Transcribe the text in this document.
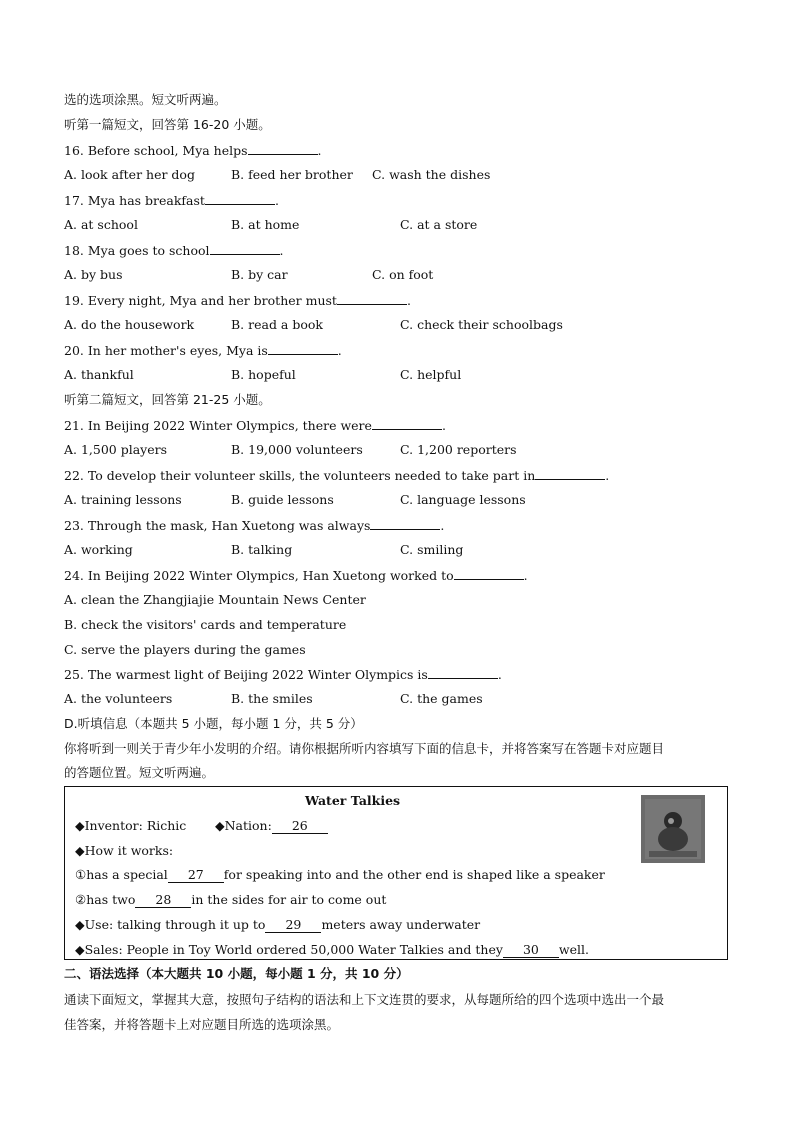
选的选项涂黑。短文听两遍。
听第一篇短文，回答第 16-20 小题。
16. Before school, Mya helps	.
A. look after her dog	B. feed her brother C. wash the dishes
17. Mya has breakfast	.
A. at school	B. at home	C. at a store
18. Mya goes to school	.
A. by bus	B. by car	C. on foot
19. Every night, Mya and her brother must	.
A. do the housework	B. read a book	C. check their schoolbags
20. In her mother's eyes, Mya is	.
A. thankful	B. hopeful	C. helpful
听第二篇短文，回答第 21-25 小题。
21. In Beijing 2022 Winter Olympics, there were	.
A. 1,500 players	B. 19,000 volunteers	C. 1,200 reporters
22. To develop their volunteer skills, the volunteers needed to take part in	.
A. training lessons	B. guide lessons	C. language lessons
23. Through the mask, Han Xuetong was always	.
A. working	B. talking	C. smiling
24. In Beijing 2022 Winter Olympics, Han Xuetong worked to	.
A. clean the Zhangjiajie Mountain News Center
B. check the visitors' cards and temperature
C. serve the players during the games
25. The warmest light of Beijing 2022 Winter Olympics is	.
A. the volunteers	B. the smiles	C. the games
D.听填信息（本题共 5 小题，每小题 1 分，共 5 分）
你将听到一则关于青少年小发明的介绍。请你根据所听内容填写下面的信息卡，并将答案写在答题卡对应题目
的答题位置。短文听两遍。
Water Talkies
◆Inventor: Richic ◆Nation: 26
◆How it works:
①has a special 27 for speaking into and the other end is shaped like a speaker
②has two 28 in the sides for air to come out
◆Use: talking through it up to 29 meters away underwater
◆Sales: People in Toy World ordered 50,000 Water Talkies and they 30 well.
二、语法选择（本大题共 10 小题，每小题 1 分，共 10 分）
通读下面短文，掌握其大意，按照句子结构的语法和上下文连贯的要求，从每题所给的四个选项中选出一个最
佳答案，并将答题卡上对应题目所选的选项涂黑。
